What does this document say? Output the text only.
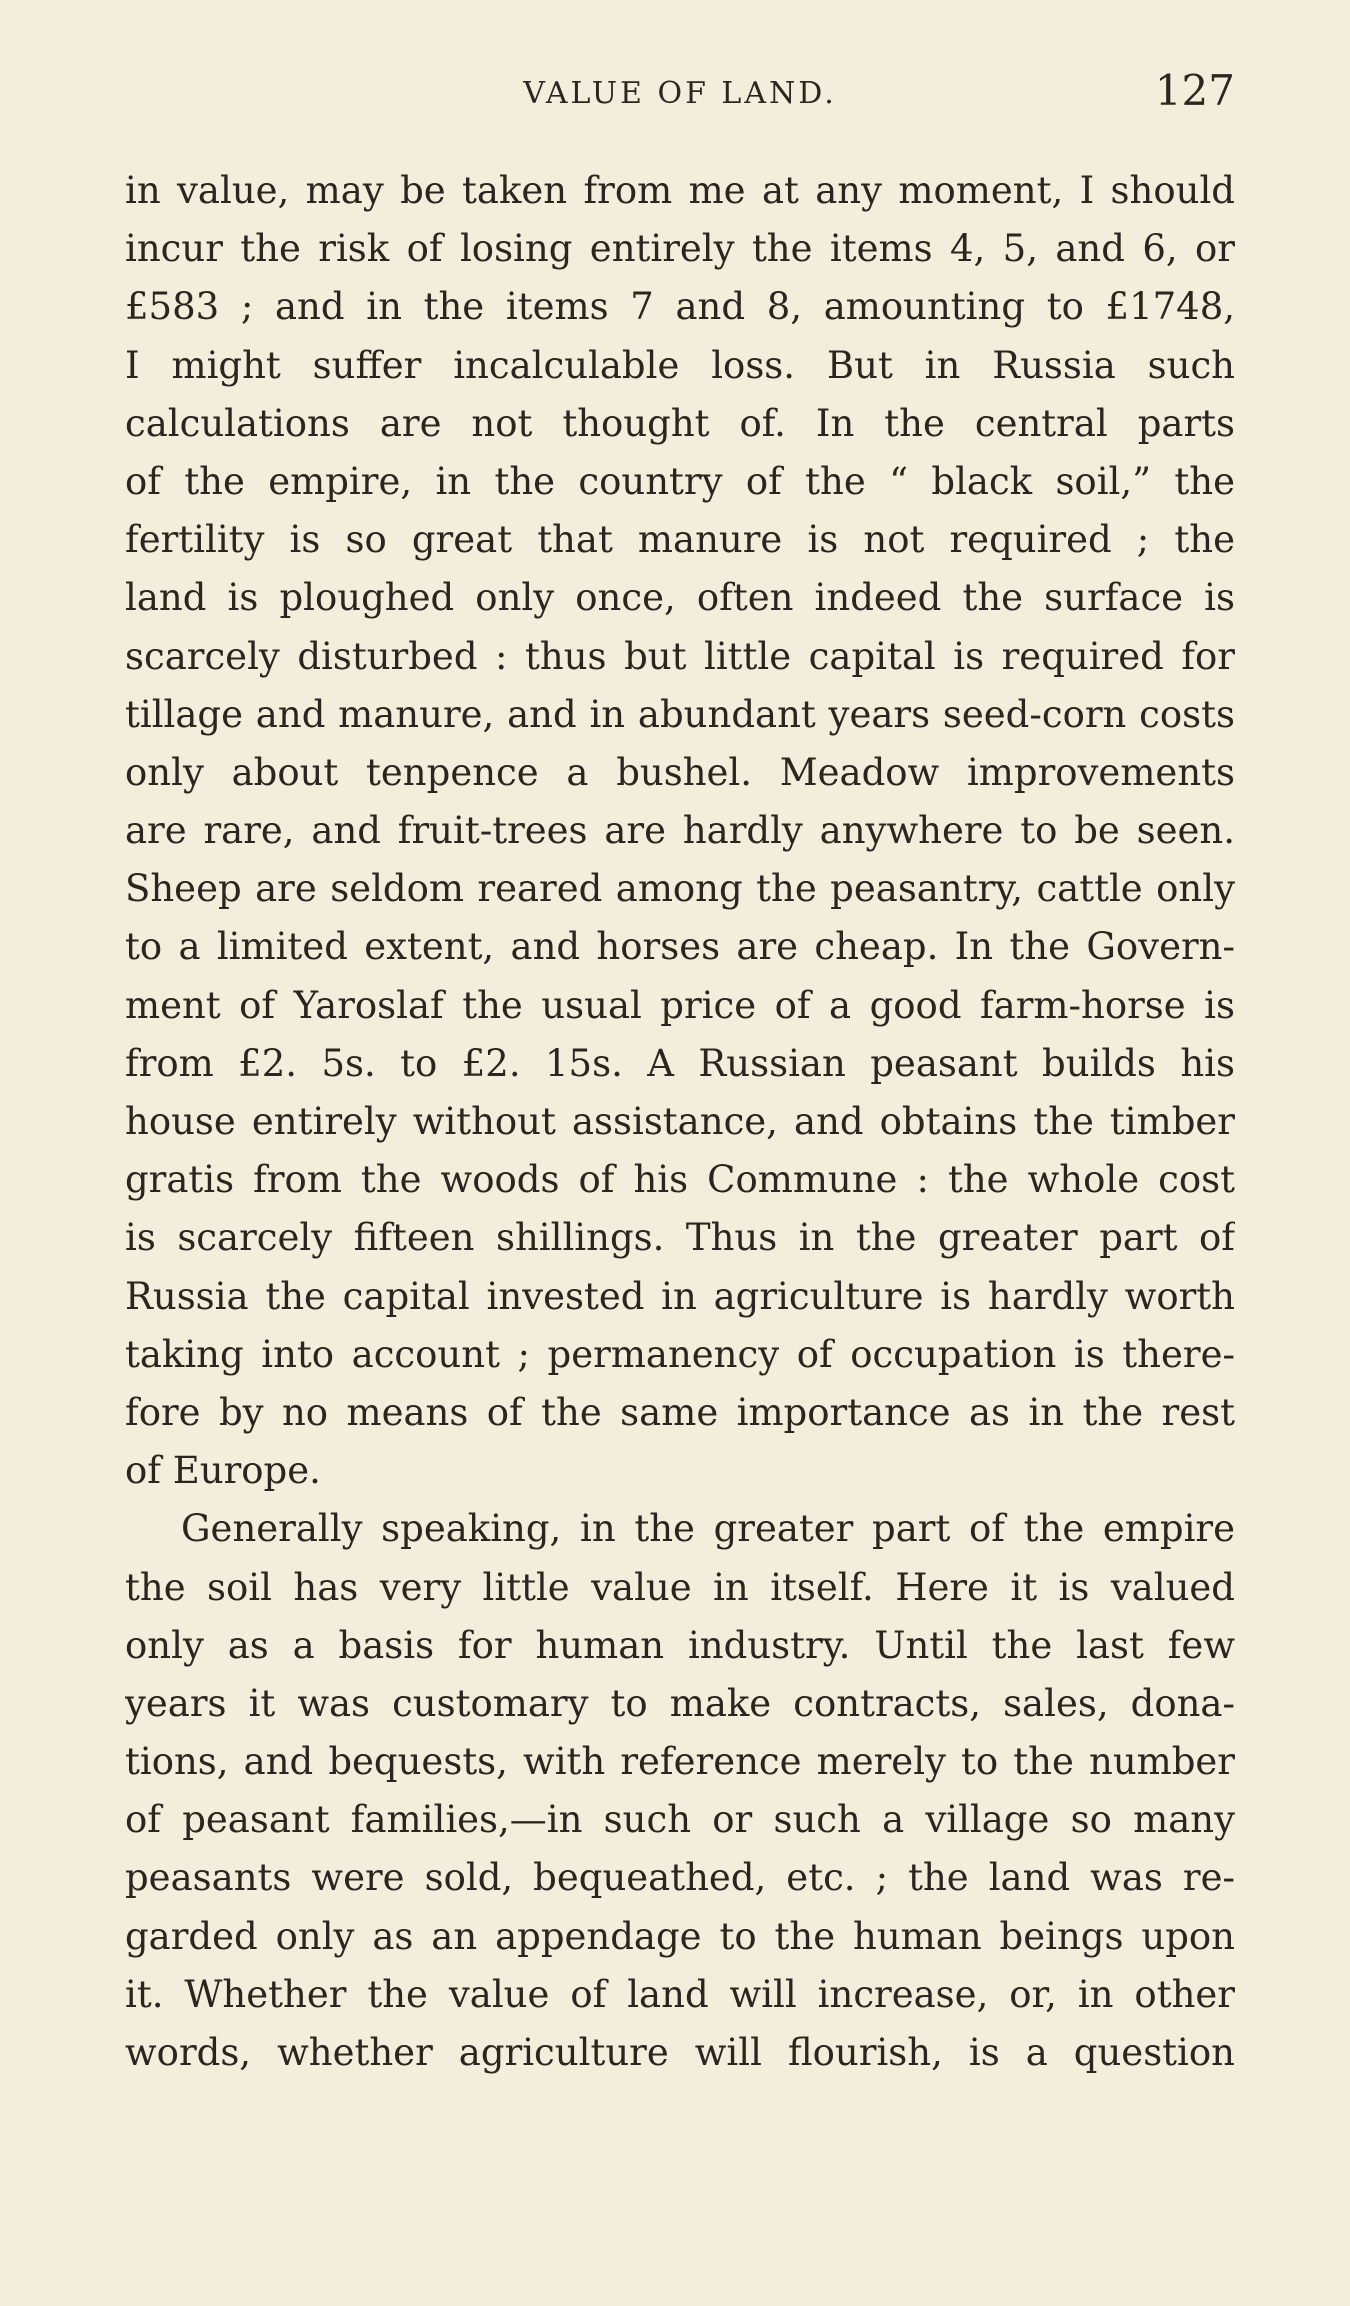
VALUE OF LAND.	127
in value, may be taken from me at any moment, I should
incur the risk of losing entirely the items 4, 5, and 6, or
£583 ; and in the items 7 and 8, amounting to £1748,
I might suffer incalculable loss. But in Russia such
calculations are not thought of. In the central parts
of the empire, in the country of the “ black soil,” the
fertility is so great that manure is not required ; the
land is ploughed only once, often indeed the surface is
scarcely disturbed : thus but little capital is required for
tillage and manure, and in abundant years seed-corn costs
only about tenpence a bushel. Meadow improvements
are rare, and fruit-trees are hardly anywhere to be seen.
Sheep are seldom reared among the peasantry, cattle only
to a limited extent, and horses are cheap. In the Govern-
ment of Yaroslaf the usual price of a good farm-horse is
from £2. 5s. to £2. 15s. A Russian peasant builds his
house entirely without assistance, and obtains the timber
gratis from the woods of his Commune : the whole cost
is scarcely fifteen shillings. Thus in the greater part of
Russia the capital invested in agriculture is hardly worth
taking into account ; permanency of occupation is there-
fore by no means of the same importance as in the rest
of Europe.
Generally speaking, in the greater part of the empire
the soil has very little value in itself. Here it is valued
only as a basis for human industry. Until the last few
years it was customary to make contracts, sales, dona-
tions, and bequests, with reference merely to the number
of peasant families,—in such or such a village so many
peasants were sold, bequeathed, etc. ; the land was re-
garded only as an appendage to the human beings upon
it. Whether the value of land will increase, or, in other
words, whether agriculture will flourish, is a question
